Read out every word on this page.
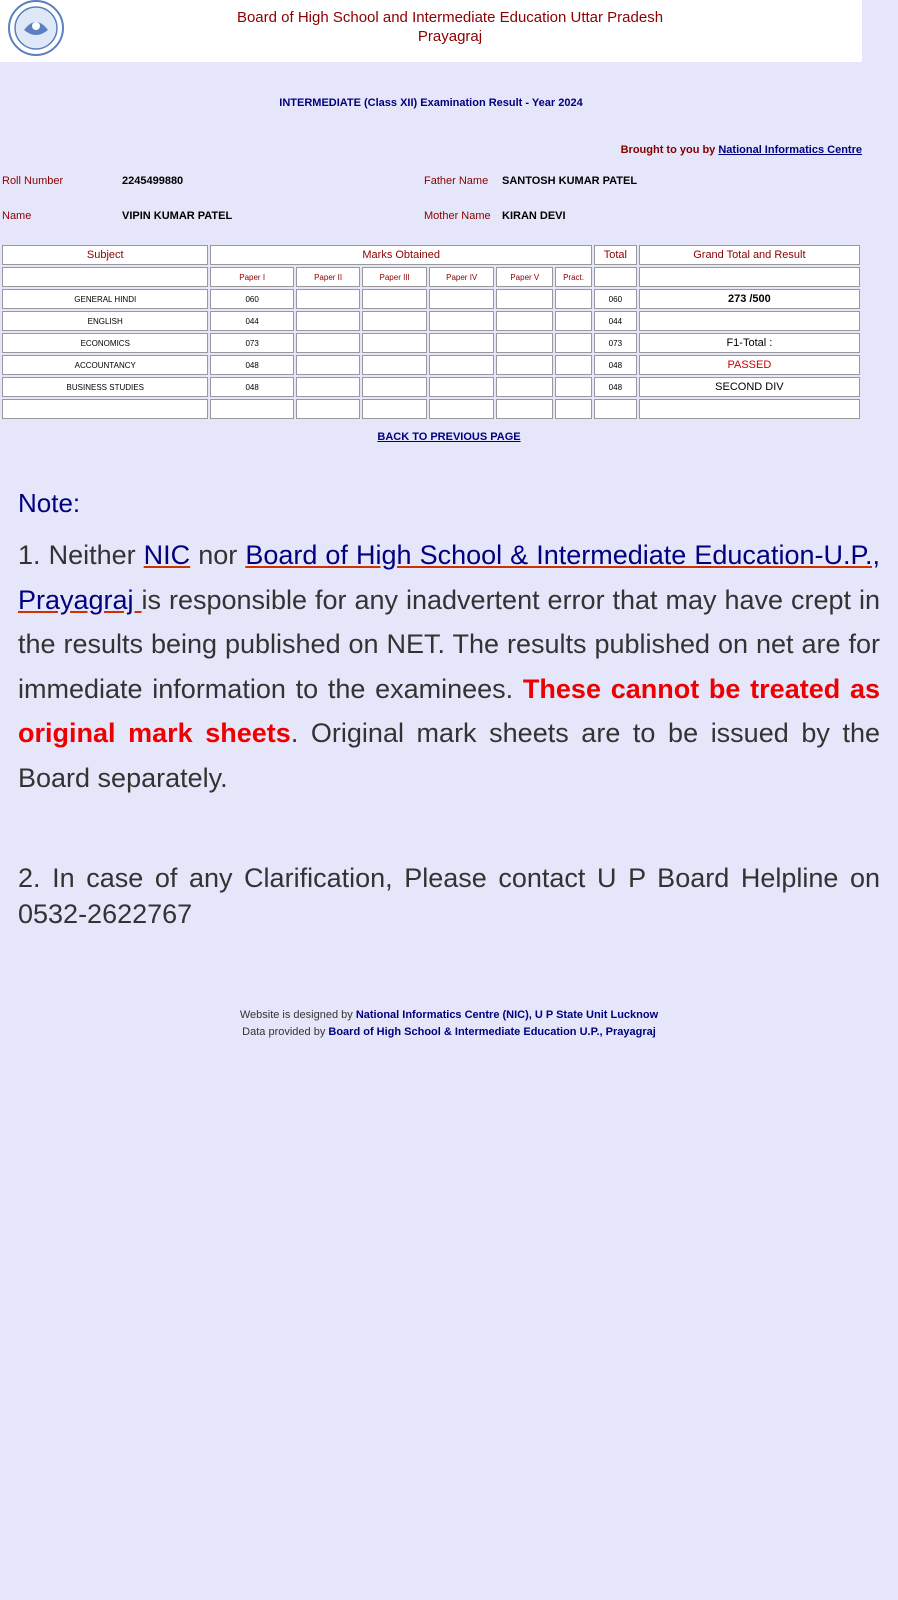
Board of High School and Intermediate Education Uttar Pradesh
Prayagraj
INTERMEDIATE (Class XII) Examination Result - Year 2024
Brought to you by National Informatics Centre
Roll Number	2245499880	Father Name SANTOSH KUMAR PATEL
Name	VIPIN KUMAR PATEL	Mother Name KIRAN DEVI
Subject	Marks Obtained						Total	Grand Total and Result
	Paper I	Paper II	Paper III	Paper IV	Paper V	Pract.		
GENERAL HINDI	060						060	273 /500
ENGLISH	044						044	
ECONOMICS	073						073	F1-Total :
ACCOUNTANCY	048						048	PASSED
BUSINESS STUDIES	048						048	SECOND DIV

BACK TO PREVIOUS PAGE
Note:
1. Neither NIC nor Board of High School & Intermediate Education-U.P., Prayagraj is responsible for any inadvertent error that may have crept in the results being published on NET. The results published on net are for immediate information to the examinees. These cannot be treated as original mark sheets. Original mark sheets are to be issued by the Board separately.
2. In case of any Clarification, Please contact U P Board Helpline on 0532-2622767
Website is designed by National Informatics Centre (NIC), U P State Unit Lucknow
Data provided by Board of High School & Intermediate Education U.P., Prayagraj
